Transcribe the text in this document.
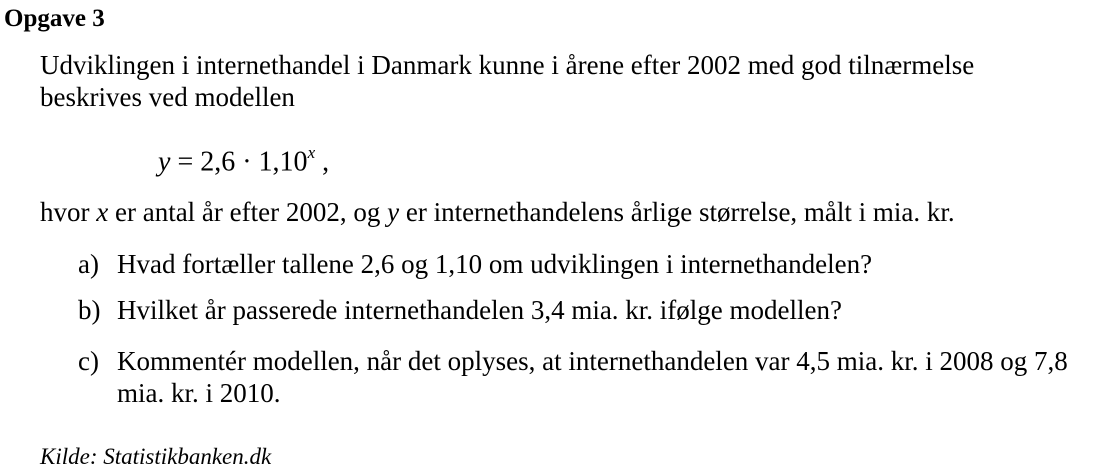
Opgave 3
Udviklingen i internethandel i Danmark kunne i årene efter 2002 med god tilnærmelse beskrives ved modellen
$y = 2,6 \cdot 1,10^x$ ,
hvor x er antal år efter 2002, og y er internethandelens årlige størrelse, målt i mia. kr.
a) Hvad fortæller tallene 2,6 og 1,10 om udviklingen i internethandelen?
b) Hvilket år passerede internethandelen 3,4 mia. kr. ifølge modellen?
c) Kommentér modellen, når det oplyses, at internethandelen var 4,5 mia. kr. i 2008 og 7,8 mia. kr. i 2010.
Kilde: Statistikbanken.dk
